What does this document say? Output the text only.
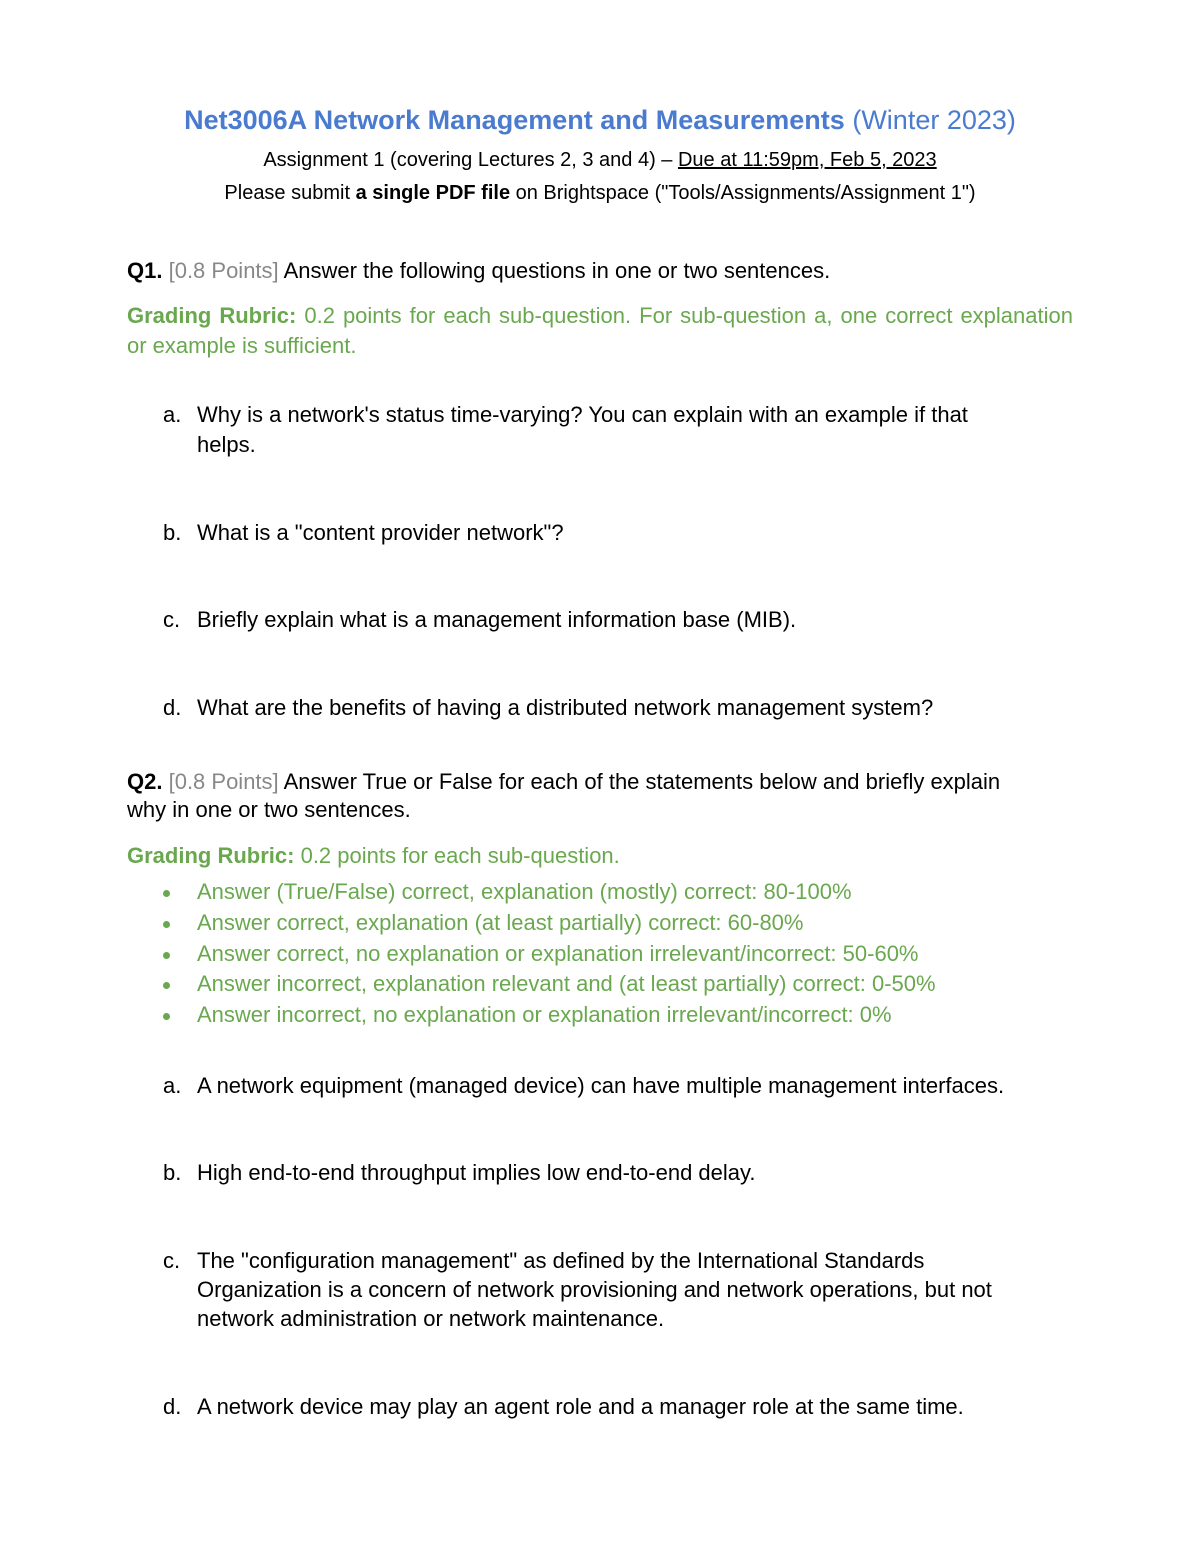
Net3006A Network Management and Measurements (Winter 2023)
Assignment 1 (covering Lectures 2, 3 and 4) – Due at 11:59pm, Feb 5, 2023
Please submit a single PDF file on Brightspace ("Tools/Assignments/Assignment 1")
Q1. [0.8 Points] Answer the following questions in one or two sentences.
Grading Rubric: 0.2 points for each sub-question. For sub-question a, one correct explanation or example is sufficient.
a. Why is a network's status time-varying? You can explain with an example if that
helps.
b. What is a "content provider network"?
c. Briefly explain what is a management information base (MIB).
d. What are the benefits of having a distributed network management system?
Q2. [0.8 Points] Answer True or False for each of the statements below and briefly explain
why in one or two sentences.
Grading Rubric: 0.2 points for each sub-question.
Answer (True/False) correct, explanation (mostly) correct: 80-100%
Answer correct, explanation (at least partially) correct: 60-80%
Answer correct, no explanation or explanation irrelevant/incorrect: 50-60%
Answer incorrect, explanation relevant and (at least partially) correct: 0-50%
Answer incorrect, no explanation or explanation irrelevant/incorrect: 0%
a. A network equipment (managed device) can have multiple management interfaces.
b. High end-to-end throughput implies low end-to-end delay.
c. The "configuration management" as defined by the International Standards
Organization is a concern of network provisioning and network operations, but not
network administration or network maintenance.
d. A network device may play an agent role and a manager role at the same time.
